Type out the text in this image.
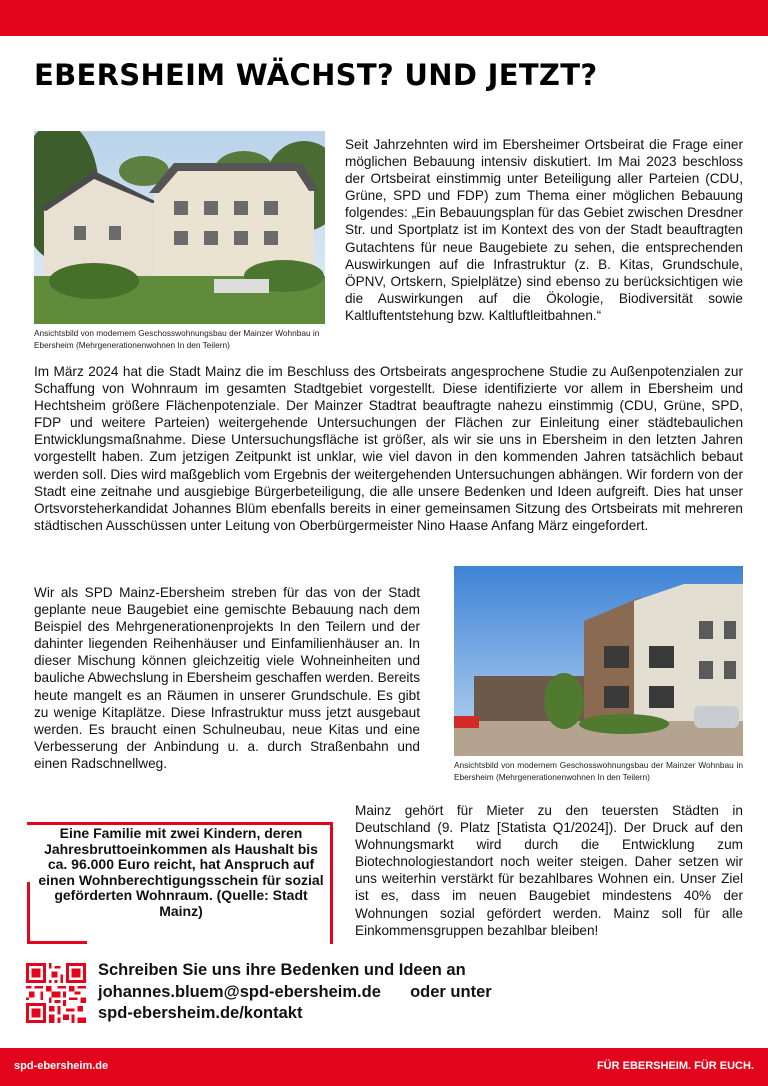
EBERSHEIM WÄCHST? UND JETZT?
Ansichtsbild von modernem Geschosswohnungsbau der Mainzer Wohnbau in Ebersheim (Mehrgenerationenwohnen In den Teilern)

Seit Jahrzehnten wird im Ebersheimer Ortsbeirat die Frage einer möglichen Bebauung intensiv diskutiert. Im Mai 2023 beschloss der Ortsbeirat einstimmig unter Beteiligung aller Parteien (CDU, Grüne, SPD und FDP) zum Thema einer möglichen Bebauung folgendes: „Ein Bebauungsplan für das Gebiet zwischen Dresdner Str. und Sportplatz ist im Kontext des von der Stadt beauftragten Gutachtens für neue Baugebiete zu sehen, die entsprechenden Auswirkungen auf die Infrastruktur (z. B. Kitas, Grundschule, ÖPNV, Ortskern, Spielplätze) sind ebenso zu berücksichtigen wie die Auswirkungen auf die Ökologie, Biodiversität sowie Kaltluftentstehung bzw. Kaltluftleitbahnen.“

Im März 2024 hat die Stadt Mainz die im Beschluss des Ortsbeirats angesprochene Studie zu Außenpotenzialen zur Schaffung von Wohnraum im gesamten Stadtgebiet vorgestellt. Diese identifizierte vor allem in Ebersheim und Hechtsheim größere Flächenpotenziale. Der Mainzer Stadtrat beauftragte nahezu einstimmig (CDU, Grüne, SPD, FDP und weitere Parteien) weitergehende Untersuchungen der Flächen zur Einleitung einer städtebaulichen Entwicklungsmaßnahme. Diese Untersuchungsfläche ist größer, als wir sie uns in Ebersheim in den letzten Jahren vorgestellt haben. Zum jetzigen Zeitpunkt ist unklar, wie viel davon in den kommenden Jahren tatsächlich bebaut werden soll. Dies wird maßgeblich vom Ergebnis der weitergehenden Untersuchungen abhängen. Wir fordern von der Stadt eine zeitnahe und ausgiebige Bürgerbeteiligung, die alle unsere Bedenken und Ideen aufgreift. Dies hat unser Ortsvorsteherkandidat Johannes Blüm ebenfalls bereits in einer gemeinsamen Sitzung des Ortsbeirats mit mehreren städtischen Ausschüssen unter Leitung von Oberbürgermeister Nino Haase Anfang März eingefordert.

Wir als SPD Mainz-Ebersheim streben für das von der Stadt geplante neue Baugebiet eine gemischte Bebauung nach dem Beispiel des Mehrgenerationenprojekts In den Teilern und der dahinter liegenden Reihenhäuser und Einfamilienhäuser an. In dieser Mischung können gleichzeitig viele Wohneinheiten und bauliche Abwechslung in Ebersheim geschaffen werden. Bereits heute mangelt es an Räumen in unserer Grundschule. Es gibt zu wenige Kitaplätze. Diese Infrastruktur muss jetzt ausgebaut werden. Es braucht einen Schulneubau, neue Kitas und eine Verbesserung der Anbindung u. a. durch Straßenbahn und einen Radschnellweg.	Ansichtsbild von modernem Geschosswohnungsbau der Mainzer Wohnbau in Ebersheim (Mehrgenerationenwohnen In den Teilern)

Mainz gehört für Mieter zu den teuersten Städten in Deutschland (9. Platz [Statista Q1/2024]). Der Druck auf den Wohnungsmarkt wird durch die Entwicklung zum Biotechnologiestandort noch weiter steigen. Daher setzen wir uns weiterhin verstärkt für bezahlbares Wohnen ein. Unser Ziel ist es, dass im neuen Baugebiet mindestens 40% der Wohnungen sozial gefördert werden. Mainz soll für alle Einkommensgruppen bezahlbar bleiben!

Eine Familie mit zwei Kindern, deren Jahresbruttoeinkommen als Haushalt bis ca. 96.000 Euro reicht, hat Anspruch auf einen Wohnberechtigungsschein für sozial geförderten Wohnraum. (Quelle: Stadt Mainz)

Schreiben Sie uns ihre Bedenken und Ideen an
johannes.bluem@spd-ebersheim.de oder unter
spd-ebersheim.de/kontakt

spd-ebersheim.de	FÜR EBERSHEIM. FÜR EUCH.
